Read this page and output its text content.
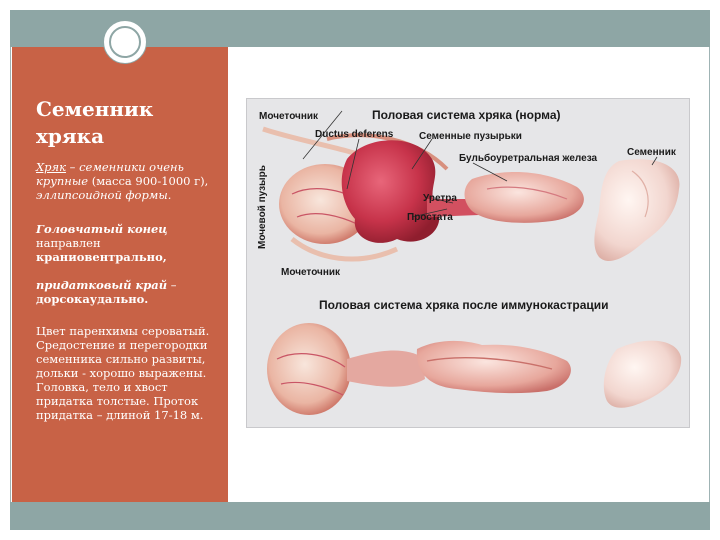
Семенник
хряка

Хряк – семенники очень крупные (масса 900-1000 г), эллипсоидной формы.

Головчатый конец направлен краниовентрально,

придатковый край – дорсокаудально.

Цвет паренхимы сероватый. Средостение и перегородки семенника сильно развиты, дольки - хорошо выражены. Головка, тело и хвост придатка толстые. Проток придатка – длиной 17-18 м.

Мочеточник	Половая система хряка (норма)
Ductus deferens	Семенные пузырьки
Бульбоуретральная железа
Семенник
Уретра
Простата
Мочевой пузырь
Мочеточник
Половая система хряка после иммунокастрации
